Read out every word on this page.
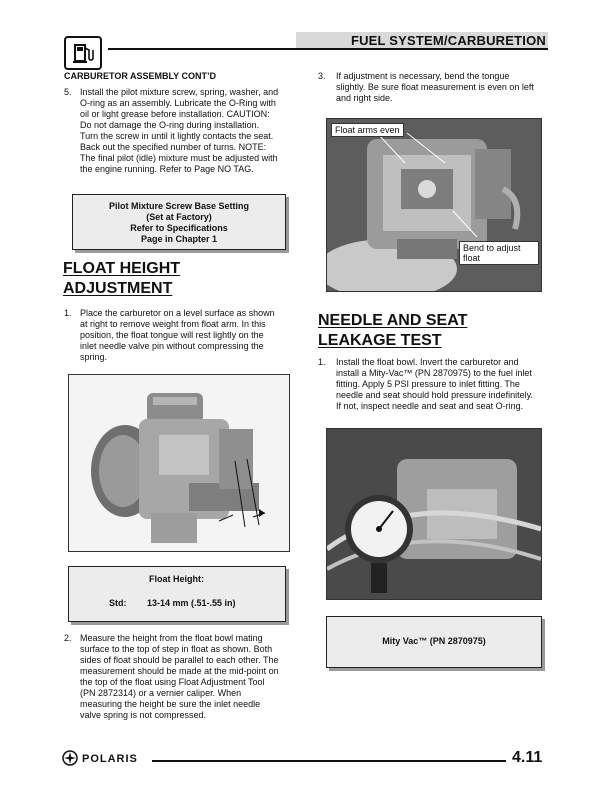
FUEL SYSTEM/CARBURETION
CARBURETOR ASSEMBLY CONT’D
5. Install the pilot mixture screw, spring, washer, and
O-ring as an assembly. Lubricate the O-Ring with
oil or light grease before installation. CAUTION:
Do not damage the O-ring during installation.
Turn the screw in until it lightly contacts the seat.
Back out the specified number of turns. NOTE:
The final pilot (idle) mixture must be adjusted with
the engine running. Refer to Page NO TAG.
Pilot Mixture Screw Base Setting
(Set at Factory)
Refer to Specifications
Page in Chapter 1
FLOAT HEIGHT
ADJUSTMENT
1. Place the carburetor on a level surface as shown
at right to remove weight from float arm. In this
position, the float tongue will rest lightly on the
inlet needle valve pin without compressing the
spring.
Float Height:
Std: 13-14 mm (.51-.55 in)
2. Measure the height from the float bowl mating
surface to the top of step in float as shown. Both
sides of float should be parallel to each other. The
measurement should be made at the mid-point on
the top of the float using Float Adjustment Tool
(PN 2872314) or a vernier caliper. When
measuring the height be sure the inlet needle
valve spring is not compressed.
3. If adjustment is necessary, bend the tongue
slightly. Be sure float measurement is even on left
and right side.
Float arms even
Bend to adjust
float
NEEDLE AND SEAT
LEAKAGE TEST
1. Install the float bowl. Invert the carburetor and
install a Mity-Vac™ (PN 2870975) to the fuel inlet
fitting. Apply 5 PSI pressure to inlet fitting. The
needle and seat should hold pressure indefinitely.
If not, inspect needle and seat and seat O-ring.
Mity Vac™ (PN 2870975)
POLARIS	4.11
